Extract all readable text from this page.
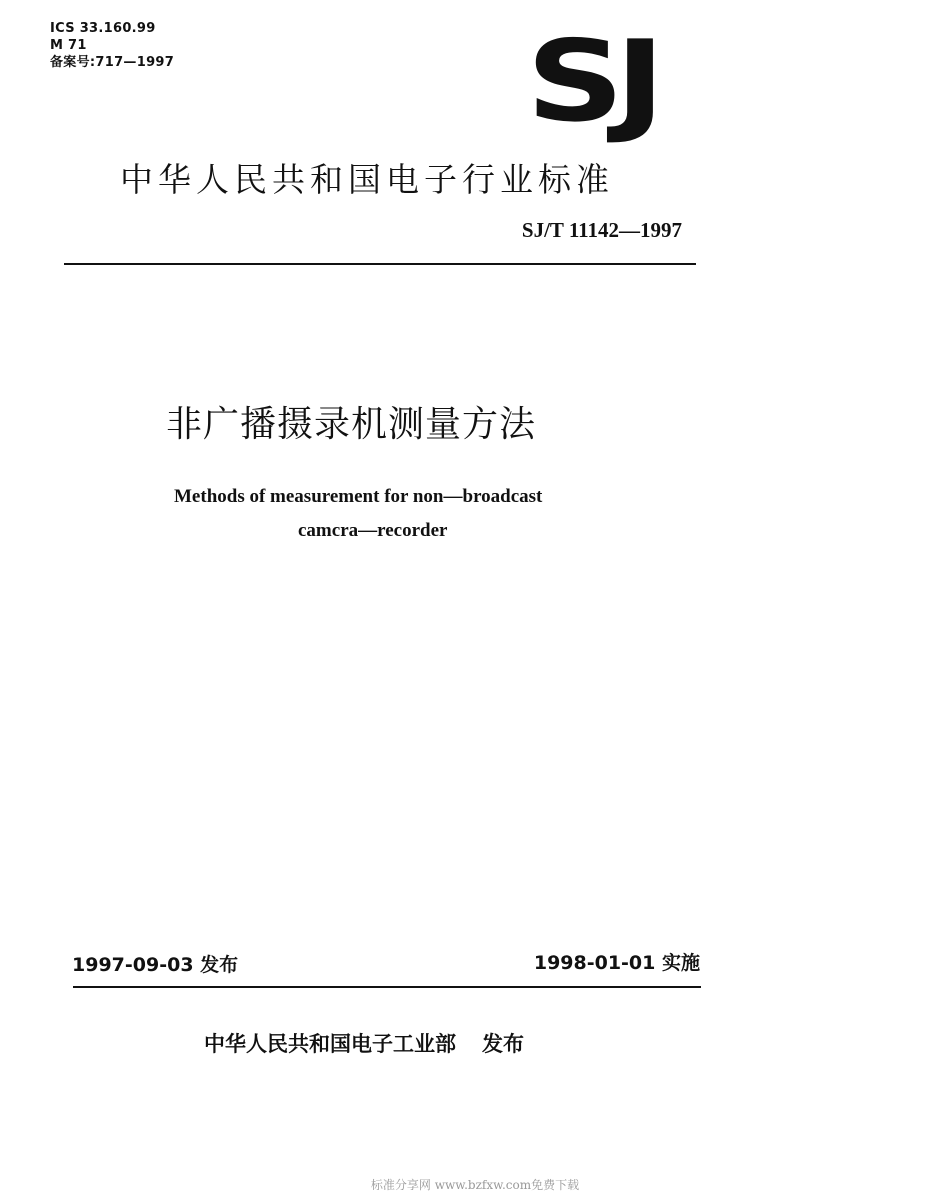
ICS 33.160.99
M 71
备案号:717—1997	SJ
中华人民共和国电子行业标准
SJ/T 11142—1997
非广播摄录机测量方法
Methods of measurement for non—broadcast
camcra—recorder
1997-09-03 发布	1998-01-01 实施
中华人民共和国电子工业部 发布
标准分享网 www.bzfxw.com免费下载
